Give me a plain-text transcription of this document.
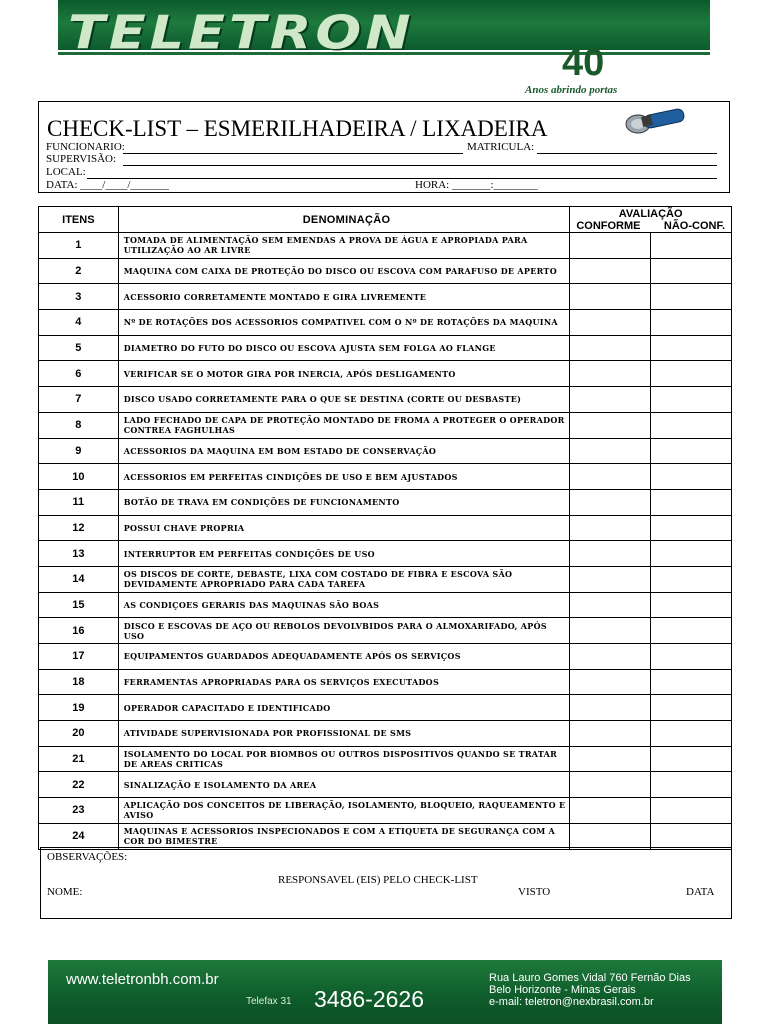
TELETRON
40
Anos abrindo portas
CHECK-LIST – ESMERILHADEIRA / LIXADEIRA
FUNCIONARIO:	MATRICULA:
SUPERVISÃO:
LOCAL:
DATA: ____/____/_______	HORA: _______:________
ITENS	DENOMINAÇÃO	AVALIAÇÃO
CONFORME NÃO-CONF.	

1	TOMADA DE ALIMENTAÇÃO SEM EMENDAS A PROVA DE ÁGUA E APROPIADA PARA UTILIZAÇÃO AO AR LIVRE		
2	MAQUINA COM CAIXA DE PROTEÇÃO DO DISCO OU ESCOVA COM PARAFUSO DE APERTO		
3	ACESSORIO CORRETAMENTE MONTADO E GIRA LIVREMENTE		
4	Nº DE ROTAÇÕES DOS ACESSORIOS COMPATIVEL COM O Nº DE ROTAÇÕES DA MAQUINA		
5	DIAMETRO DO FUTO DO DISCO OU ESCOVA AJUSTA SEM FOLGA AO FLANGE		
6	VERIFICAR SE O MOTOR GIRA POR INERCIA, APÓS DESLIGAMENTO		
7	DISCO USADO CORRETAMENTE PARA O QUE SE DESTINA (CORTE OU DESBASTE)		
8	LADO FECHADO DE CAPA DE PROTEÇÃO MONTADO DE FROMA A PROTEGER O OPERADOR CONTREA FAGHULHAS		
9	ACESSORIOS DA MAQUINA EM BOM ESTADO DE CONSERVAÇÃO		
10	ACESSORIOS EM PERFEITAS CINDIÇÕES DE USO E BEM AJUSTADOS		
11	BOTÃO DE TRAVA EM CONDIÇÕES DE FUNCIONAMENTO		
12	POSSUI CHAVE PROPRIA		
13	INTERRUPTOR EM PERFEITAS CONDIÇÕES DE USO		
14	OS DISCOS DE CORTE, DEBASTE, LIXA COM COSTADO DE FIBRA E ESCOVA SÃO DEVIDAMENTE APROPRIADO PARA CADA TAREFA		
15	AS CONDIÇOES GERARIS DAS MAQUINAS SÃO BOAS		
16	DISCO E ESCOVAS DE AÇO OU REBOLOS DEVOLVBIDOS PARA O ALMOXARIFADO, APÓS USO		
17	EQUIPAMENTOS GUARDADOS ADEQUADAMENTE APÓS OS SERVIÇOS		
18	FERRAMENTAS APROPRIADAS PARA OS SERVIÇOS EXECUTADOS		
19	OPERADOR CAPACITADO E IDENTIFICADO		
20	ATIVIDADE SUPERVISIONADA POR PROFISSIONAL DE SMS		
21	ISOLAMENTO DO LOCAL POR BIOMBOS OU OUTROS DISPOSITIVOS QUANDO SE TRATAR DE AREAS CRITICAS		
22	SINALIZAÇÃO E ISOLAMENTO DA AREA		
23	APLICAÇÃO DOS CONCEITOS DE LIBERAÇÃO, ISOLAMENTO, BLOQUEIO, RAQUEAMENTO E AVISO		
24	MAQUINAS E ACESSORIOS INSPECIONADOS E COM A ETIQUETA DE SEGURANÇA COM A COR DO BIMESTRE		
OBSERVAÇÕES:
RESPONSAVEL (EIS) PELO CHECK-LIST
NOME:	VISTO	DATA
www.teletronbh.com.br
Telefax 31 3486-2626
Rua Lauro Gomes Vidal 760 Fernão Dias
Belo Horizonte - Minas Gerais
e-mail: teletron@nexbrasil.com.br
